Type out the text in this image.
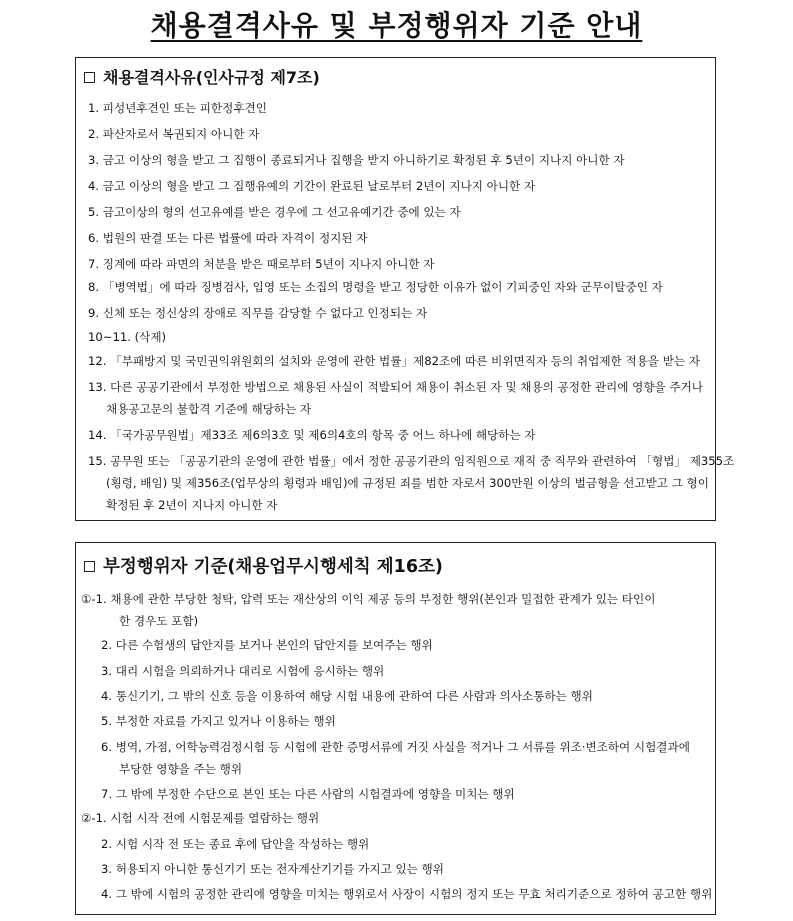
채용결격사유 및 부정행위자 기준 안내
채용결격사유(인사규정 제7조)
1. 피성년후견인 또는 피한정후견인
2. 파산자로서 복권되지 아니한 자
3. 금고 이상의 형을 받고 그 집행이 종료되거나 집행을 받지 아니하기로 확정된 후 5년이 지나지 아니한 자
4. 금고 이상의 형을 받고 그 집행유예의 기간이 완료된 날로부터 2년이 지나지 아니한 자
5. 금고이상의 형의 선고유예를 받은 경우에 그 선고유예기간 중에 있는 자
6. 법원의 판결 또는 다른 법률에 따라 자격이 정지된 자
7. 징계에 따라 파면의 처분을 받은 때로부터 5년이 지나지 아니한 자
8. 「병역법」에 따라 징병검사, 입영 또는 소집의 명령을 받고 정당한 이유가 없이 기피중인 자와 군무이탈중인 자
9. 신체 또는 정신상의 장애로 직무를 감당할 수 없다고 인정되는 자
10~11. (삭제)
12. 「부패방지 및 국민권익위원회의 설치와 운영에 관한 법률」제82조에 따른 비위면직자 등의 취업제한 적용을 받는 자
13. 다른 공공기관에서 부정한 방법으로 채용된 사실이 적발되어 채용이 취소된 자 및 채용의 공정한 관리에 영향을 주거나
채용공고문의 불합격 기준에 해당하는 자
14. 「국가공무원법」제33조 제6의3호 및 제6의4호의 항목 중 어느 하나에 해당하는 자
15. 공무원 또는 「공공기관의 운영에 관한 법률」에서 정한 공공기관의 임직원으로 재직 중 직무와 관련하여 「형법」 제355조
(횡령, 배임) 및 제356조(업무상의 횡령과 배임)에 규정된 죄를 범한 자로서 300만원 이상의 벌금형을 선고받고 그 형이
확정된 후 2년이 지나지 아니한 자
부정행위자 기준(채용업무시행세칙 제16조)
①-1. 채용에 관한 부당한 청탁, 압력 또는 재산상의 이익 제공 등의 부정한 행위(본인과 밀접한 관계가 있는 타인이
한 경우도 포함)
2. 다른 수험생의 답안지를 보거나 본인의 답안지를 보여주는 행위
3. 대리 시험을 의뢰하거나 대리로 시험에 응시하는 행위
4. 통신기기, 그 밖의 신호 등을 이용하여 해당 시험 내용에 관하여 다른 사람과 의사소통하는 행위
5. 부정한 자료를 가지고 있거나 이용하는 행위
6. 병역, 가점, 어학능력검정시험 등 시험에 관한 증명서류에 거짓 사실을 적거나 그 서류를 위조·변조하여 시험결과에
부당한 영향을 주는 행위
7. 그 밖에 부정한 수단으로 본인 또는 다른 사람의 시험결과에 영향을 미치는 행위
②-1. 시험 시작 전에 시험문제를 열람하는 행위
2. 시험 시작 전 또는 종료 후에 답안을 작성하는 행위
3. 허용되지 아니한 통신기기 또는 전자계산기기를 가지고 있는 행위
4. 그 밖에 시험의 공정한 관리에 영향을 미치는 행위로서 사장이 시험의 정지 또는 무효 처리기준으로 정하여 공고한 행위
